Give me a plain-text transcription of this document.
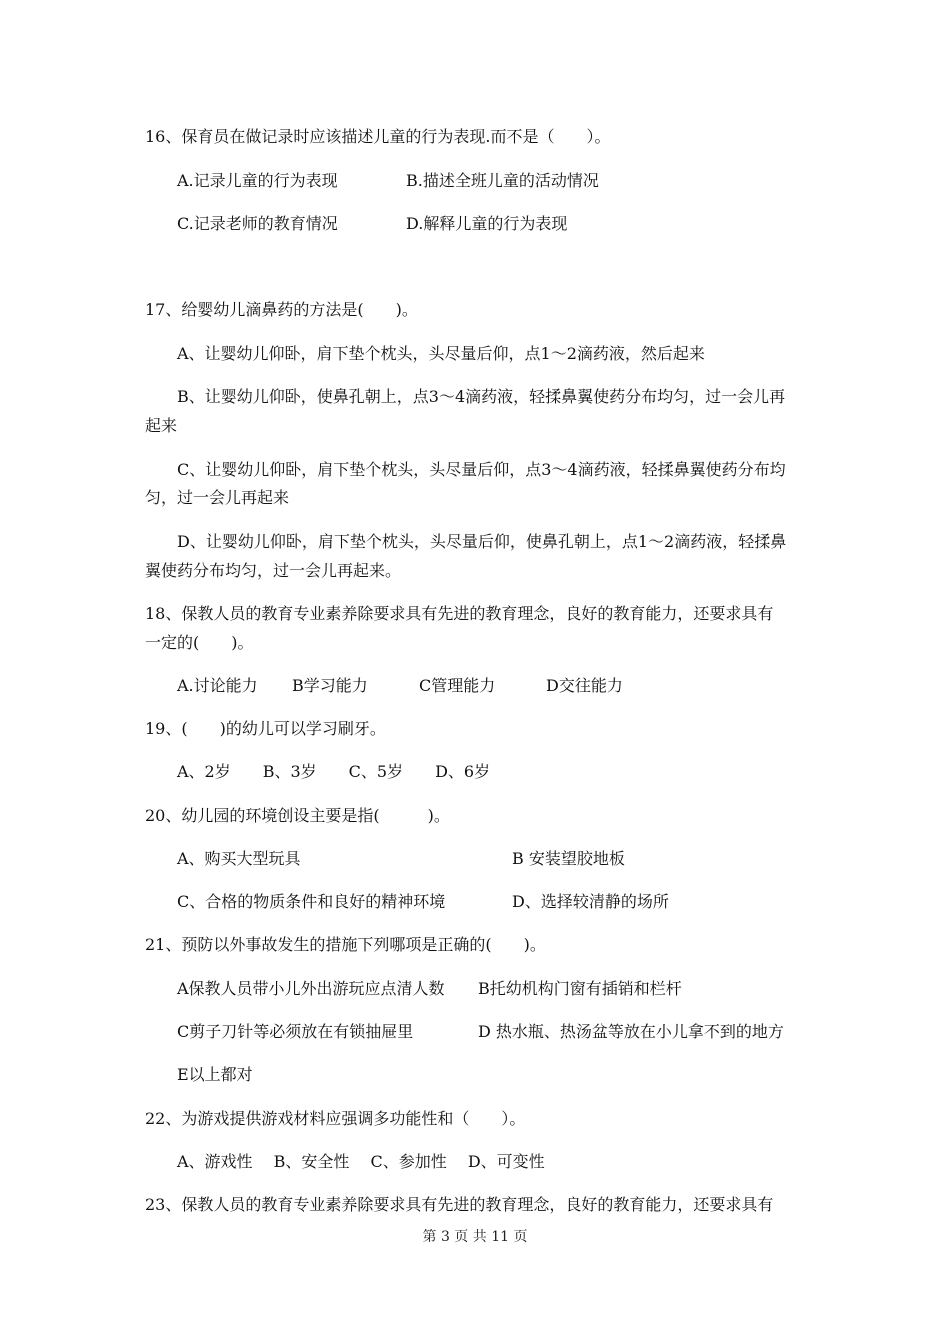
16、保育员在做记录时应该描述儿童的行为表现.而不是（　　）。
A.记录儿童的行为表现	B.描述全班儿童的活动情况
C.记录老师的教育情况	D.解释儿童的行为表现
17、给婴幼儿滴鼻药的方法是(　　)。
A、让婴幼儿仰卧，肩下垫个枕头，头尽量后仰，点1～2滴药液，然后起来
B、让婴幼儿仰卧，使鼻孔朝上，点3～4滴药液，轻揉鼻翼使药分布均匀，过一会儿再
起来
C、让婴幼儿仰卧，肩下垫个枕头，头尽量后仰，点3～4滴药液，轻揉鼻翼使药分布均
匀，过一会儿再起来
D、让婴幼儿仰卧，肩下垫个枕头，头尽量后仰，使鼻孔朝上，点1～2滴药液，轻揉鼻
翼使药分布均匀，过一会儿再起来。
18、保教人员的教育专业素养除要求具有先进的教育理念，良好的教育能力，还要求具有
一定的(　　)。
A.讨论能力 B学习能力	C管理能力	D交往能力
19、(　　)的幼儿可以学习刷牙。
A、2岁　　B、3岁　　C、5岁　　D、6岁
20、幼儿园的环境创设主要是指(　　　)。
A、购买大型玩具	B 安装望胶地板
C、合格的物质条件和良好的精神环境	D、选择较清静的场所
21、预防以外事故发生的措施下列哪项是正确的(　　)。
A保教人员带小儿外出游玩应点清人数 B托幼机构门窗有插销和栏杆
C剪子刀针等必须放在有锁抽屉里	D 热水瓶、热汤盆等放在小儿拿不到的地方
E以上都对
22、为游戏提供游戏材料应强调多功能性和（　　）。
A、游戏性　 B、安全性　 C、参加性　 D、可变性
23、保教人员的教育专业素养除要求具有先进的教育理念，良好的教育能力，还要求具有
第 3 页 共 11 页
